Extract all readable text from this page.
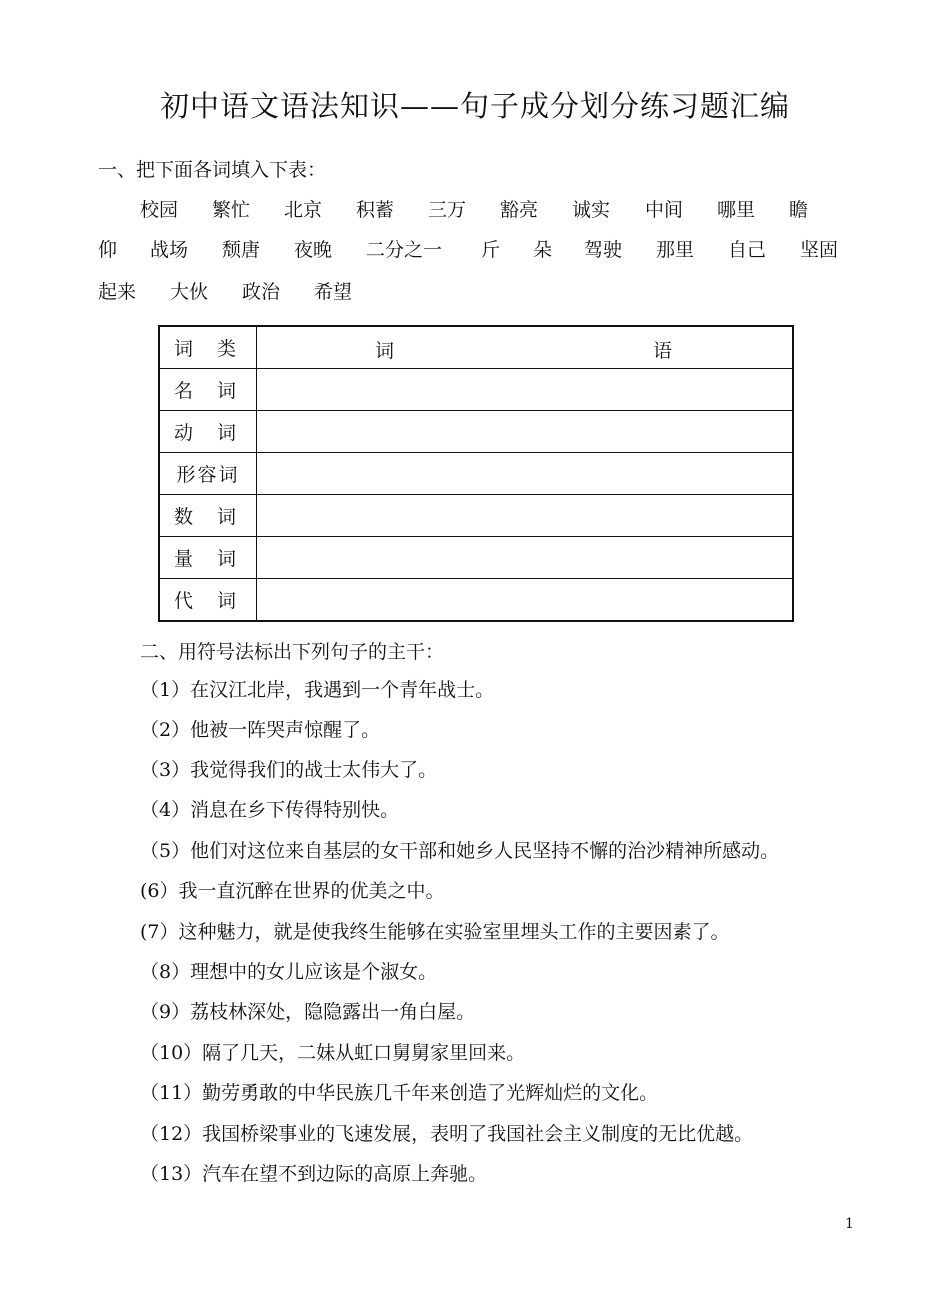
初中语文语法知识——句子成分划分练习题汇编
一、把下面各词填入下表：
校园 繁忙 北京 积蓄 三万 豁亮 诚实 中间 哪里 瞻
仰 战场 颓唐 夜晚 二分之一 斤 朵 驾驶 那里 自己 坚固
起来 大伙 政治 希望
词 类	词 语

名 词	

动 词	

形容词	

数 词	

量 词	

代 词	

二、用符号法标出下列句子的主干：
（1）在汉江北岸，我遇到一个青年战士。
（2）他被一阵哭声惊醒了。
（3）我觉得我们的战士太伟大了。
（4）消息在乡下传得特别快。
（5）他们对这位来自基层的女干部和她乡人民坚持不懈的治沙精神所感动。
(6）我一直沉醉在世界的优美之中。
(7）这种魅力，就是使我终生能够在实验室里埋头工作的主要因素了。
（8）理想中的女儿应该是个淑女。
（9）荔枝林深处，隐隐露出一角白屋。
（10）隔了几天，二妹从虹口舅舅家里回来。
（11）勤劳勇敢的中华民族几千年来创造了光辉灿烂的文化。
（12）我国桥梁事业的飞速发展，表明了我国社会主义制度的无比优越。
（13）汽车在望不到边际的高原上奔驰。
1
